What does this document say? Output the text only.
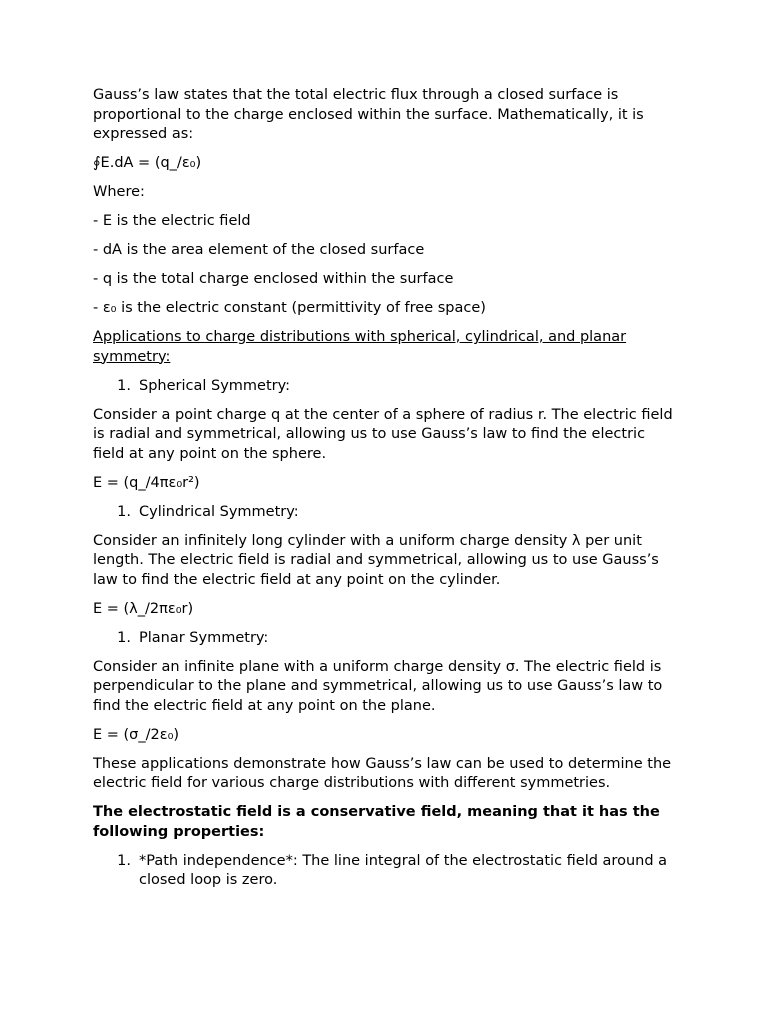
Gauss’s law states that the total electric flux through a closed surface is proportional to the charge enclosed within the surface. Mathematically, it is expressed as:

∮E.dA = (q_/ε₀)

Where:

- E is the electric field

- dA is the area element of the closed surface

- q is the total charge enclosed within the surface

- ε₀ is the electric constant (permittivity of free space)

Applications to charge distributions with spherical, cylindrical, and planar symmetry:

1. Spherical Symmetry:

Consider a point charge q at the center of a sphere of radius r. The electric field is radial and symmetrical, allowing us to use Gauss’s law to find the electric field at any point on the sphere.

E = (q_/4πε₀r²)

1. Cylindrical Symmetry:

Consider an infinitely long cylinder with a uniform charge density λ per unit length. The electric field is radial and symmetrical, allowing us to use Gauss’s law to find the electric field at any point on the cylinder.

E = (λ_/2πε₀r)

1. Planar Symmetry:

Consider an infinite plane with a uniform charge density σ. The electric field is perpendicular to the plane and symmetrical, allowing us to use Gauss’s law to find the electric field at any point on the plane.

E = (σ_/2ε₀)

These applications demonstrate how Gauss’s law can be used to determine the electric field for various charge distributions with different symmetries.

The electrostatic field is a conservative field, meaning that it has the following properties:

1. *Path independence*: The line integral of the electrostatic field around a closed loop is zero.
